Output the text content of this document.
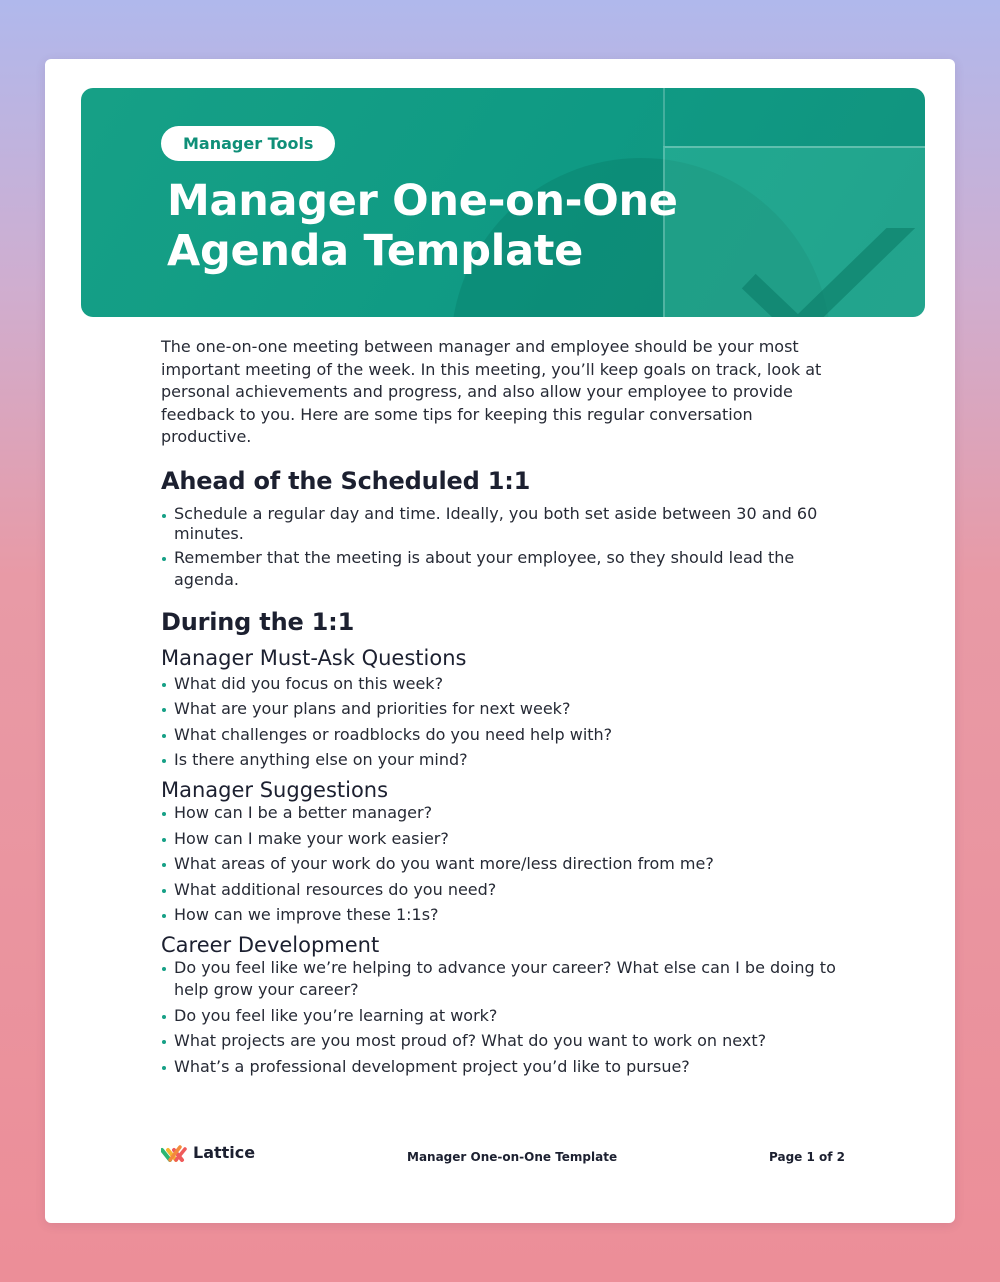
Manager Tools
Manager One-on-One Agenda Template

The one-on-one meeting between manager and employee should be your most important meeting of the week. In this meeting, you’ll keep goals on track, look at personal achievements and progress, and also allow your employee to provide feedback to you. Here are some tips for keeping this regular conversation productive.

Ahead of the Scheduled 1:1
Schedule a regular day and time. Ideally, you both set aside between 30 and 60 minutes.
Remember that the meeting is about your employee, so they should lead the agenda.
During the 1:1
Manager Must-Ask Questions
What did you focus on this week?
What are your plans and priorities for next week?
What challenges or roadblocks do you need help with?
Is there anything else on your mind?
Manager Suggestions
How can I be a better manager?
How can I make your work easier?
What areas of your work do you want more/less direction from me?
What additional resources do you need?
How can we improve these 1:1s?
Career Development
Do you feel like we’re helping to advance your career? What else can I be doing to help grow your career?
Do you feel like you’re learning at work?
What projects are you most proud of? What do you want to work on next?
What’s a professional development project you’d like to pursue?
Lattice	Manager One-on-One Template	Page 1 of 2
